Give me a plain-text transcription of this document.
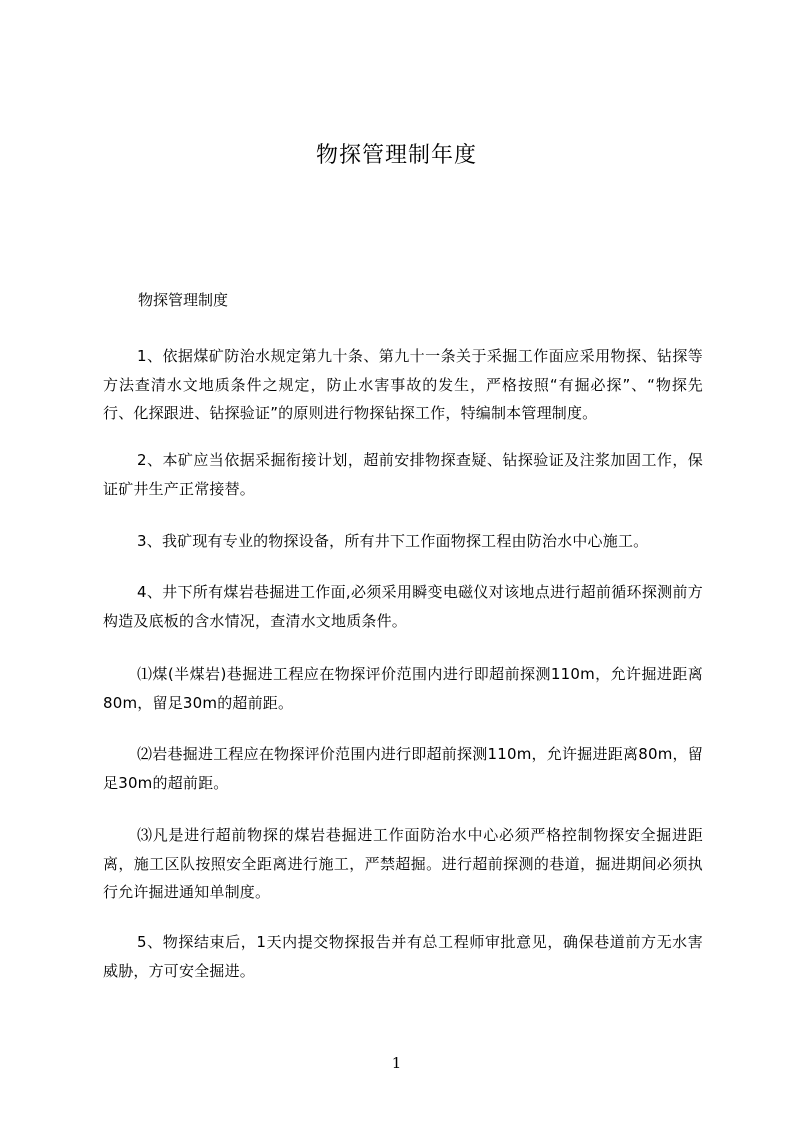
物探管理制年度
物探管理制度

1、依据煤矿防治水规定第九十条、第九十一条关于采掘工作面应采用物探、钻探等方法查清水文地质条件之规定，防止水害事故的发生，严格按照“有掘必探”、“物探先行、化探跟进、钻探验证”的原则进行物探钻探工作，特编制本管理制度。

2、本矿应当依据采掘衔接计划，超前安排物探查疑、钻探验证及注浆加固工作，保证矿井生产正常接替。

3、我矿现有专业的物探设备，所有井下工作面物探工程由防治水中心施工。

4、井下所有煤岩巷掘进工作面,必须采用瞬变电磁仪对该地点进行超前循环探测前方构造及底板的含水情况，查清水文地质条件。

⑴煤(半煤岩)巷掘进工程应在物探评价范围内进行即超前探测110m，允许掘进距离80m，留足30m的超前距。

⑵岩巷掘进工程应在物探评价范围内进行即超前探测110m，允许掘进距离80m，留足30m的超前距。

⑶凡是进行超前物探的煤岩巷掘进工作面防治水中心必须严格控制物探安全掘进距离，施工区队按照安全距离进行施工，严禁超掘。进行超前探测的巷道，掘进期间必须执行允许掘进通知单制度。

5、物探结束后，1天内提交物探报告并有总工程师审批意见，确保巷道前方无水害威胁，方可安全掘进。

1
